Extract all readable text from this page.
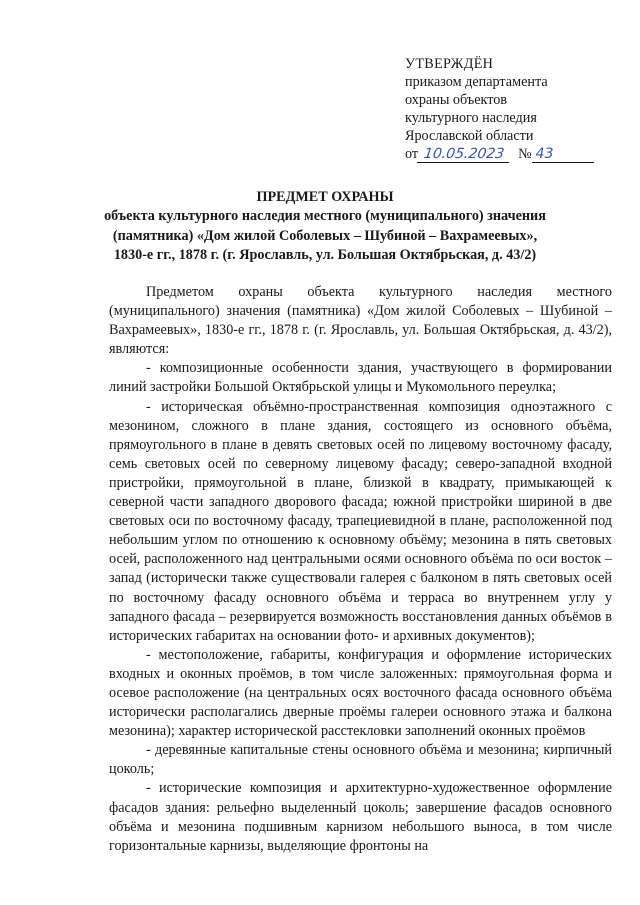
УТВЕРЖДЁН
приказом департамента
охраны объектов
культурного наследия
Ярославской области
от 10.05.2023 № 43
ПРЕДМЕТ ОХРАНЫ
объекта культурного наследия местного (муниципального) значения
(памятника) «Дом жилой Соболевых – Шубиной – Вахрамеевых»,
1830-е гг., 1878 г. (г. Ярославль, ул. Большая Октябрьская, д. 43/2)

Предметом охраны объекта культурного наследия местного (муниципального) значения (памятника) «Дом жилой Соболевых – Шубиной – Вахрамеевых», 1830-е гг., 1878 г. (г. Ярославль, ул. Большая Октябрьская, д. 43/2), являются:

- композиционные особенности здания, участвующего в формировании линий застройки Большой Октябрьской улицы и Мукомольного переулка;

- историческая объёмно-пространственная композиция одноэтажного с мезонином, сложного в плане здания, состоящего из основного объёма, прямоугольного в плане в девять световых осей по лицевому восточному фасаду, семь световых осей по северному лицевому фасаду; северо-западной входной пристройки, прямоугольной в плане, близкой в квадрату, примыкающей к северной части западного дворового фасада; южной пристройки шириной в две световых оси по восточному фасаду, трапециевидной в плане, расположенной под небольшим углом по отношению к основному объёму; мезонина в пять световых осей, расположенного над центральными осями основного объёма по оси восток – запад (исторически также существовали галерея с балконом в пять световых осей по восточному фасаду основного объёма и терраса во внутреннем углу у западного фасада – резервируется возможность восстановления данных объёмов в исторических габаритах на основании фото- и архивных документов);

- местоположение, габариты, конфигурация и оформление исторических входных и оконных проёмов, в том числе заложенных: прямоугольная форма и осевое расположение (на центральных осях восточного фасада основного объёма исторически располагались дверные проёмы галереи основного этажа и балкона мезонина); характер исторической расстекловки заполнений оконных проёмов

- деревянные капитальные стены основного объёма и мезонина; кирпичный цоколь;

- исторические композиция и архитектурно-художественное оформление фасадов здания: рельефно выделенный цоколь; завершение фасадов основного объёма и мезонина подшивным карнизом небольшого выноса, в том числе горизонтальные карнизы, выделяющие фронтоны на
